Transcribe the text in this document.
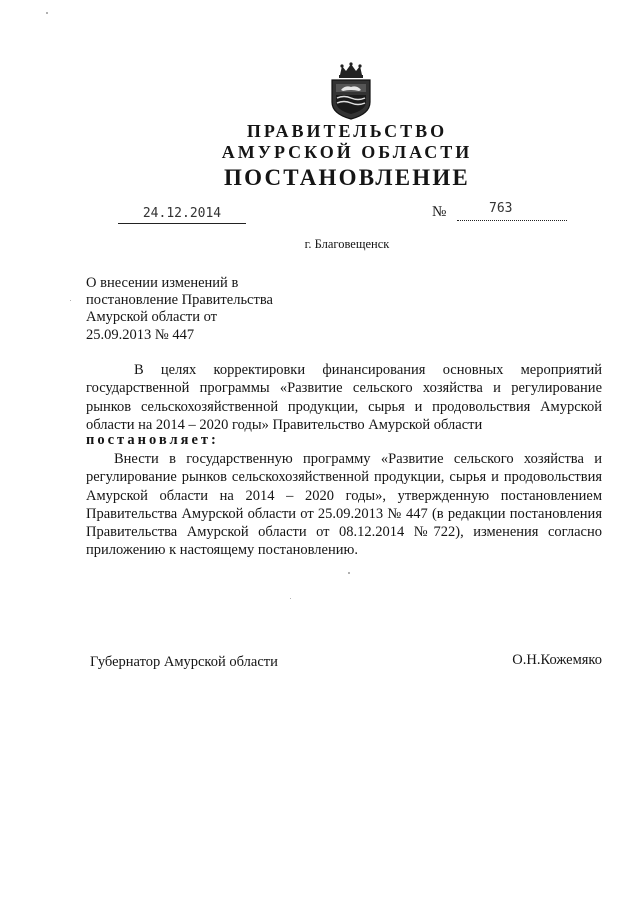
ПРАВИТЕЛЬСТВО
АМУРСКОЙ ОБЛАСТИ
ПОСТАНОВЛЕНИЕ
24.12.2014	№	763
г. Благовещенск
О внесении изменений в
постановление Правительства
Амурской области от
25.09.2013 № 447
В целях корректировки финансирования основных мероприятий государственной программы «Развитие сельского хозяйства и регулирование рынков сельскохозяйственной продукции, сырья и продовольствия Амурской области на 2014 – 2020 годы» Правительство Амурской области
постановляет:
Внести в государственную программу «Развитие сельского хозяйства и регулирование рынков сельскохозяйственной продукции, сырья и продовольствия Амурской области на 2014 – 2020 годы», утвержденную постановлением Правительства Амурской области от 25.09.2013 № 447 (в редакции постановления Правительства Амурской области от 08.12.2014 №722), изменения согласно приложению к настоящему постановлению.
Губернатор Амурской области	О.Н.Кожемяко
